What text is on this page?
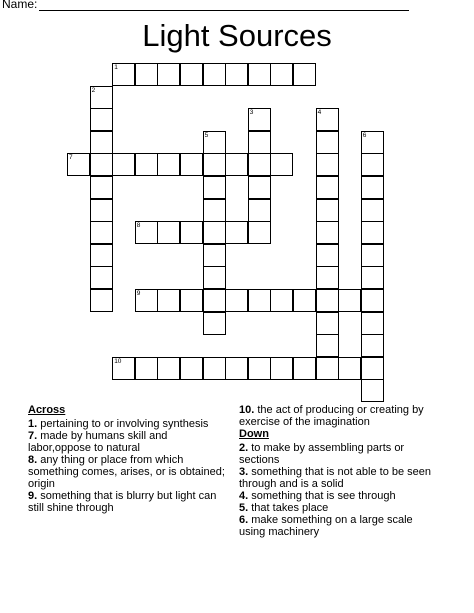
Name:
Light Sources
1
2
3	4
5	6
7
8
9
10
Across
1. pertaining to or involving synthesis
7. made by humans skill and labor,oppose to natural
8. any thing or place from which something comes, arises, or is obtained; origin
9. something that is blurry but light can still shine through
10. the act of producing or creating by exercise of the imagination
Down
2. to make by assembling parts or sections
3. something that is not able to be seen through and is a solid
4. something that is see through
5. that takes place
6. make something on a large scale using machinery
